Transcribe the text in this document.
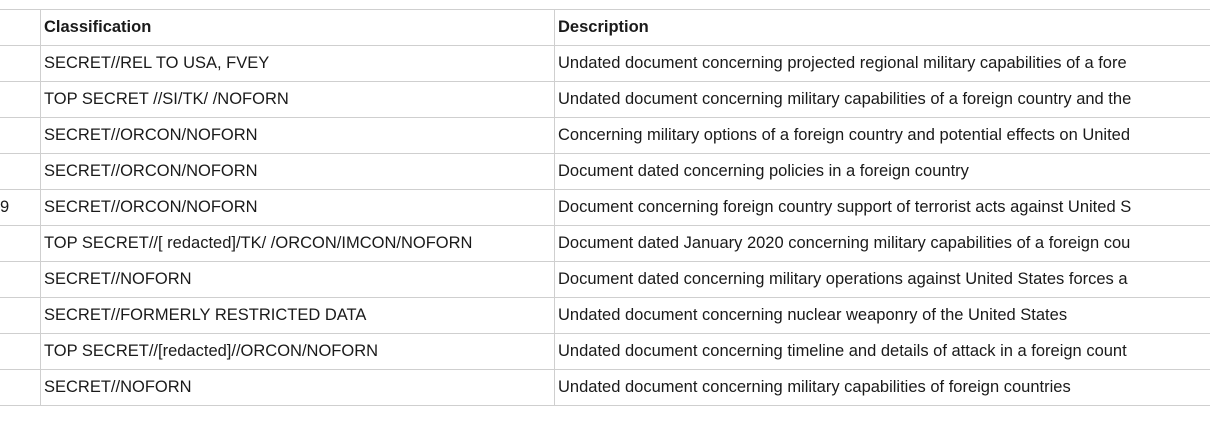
	Classification	Description
	SECRET//REL TO USA, FVEY	Undated document concerning projected regional military capabilities of a fore
	TOP SECRET //SI/TK/ /NOFORN	Undated document concerning military capabilities of a foreign country and the
	SECRET//ORCON/NOFORN	Concerning military options of a foreign country and potential effects on United
	SECRET//ORCON/NOFORN	Document dated concerning policies in a foreign country
9	SECRET//ORCON/NOFORN	Document concerning foreign country support of terrorist acts against United S
	TOP SECRET//[ redacted]/TK/ /ORCON/IMCON/NOFORN	Document dated January 2020 concerning military capabilities of a foreign cou
	SECRET//NOFORN	Document dated concerning military operations against United States forces a
	SECRET//FORMERLY RESTRICTED DATA	Undated document concerning nuclear weaponry of the United States
	TOP SECRET//[redacted]//ORCON/NOFORN	Undated document concerning timeline and details of attack in a foreign count
	SECRET//NOFORN	Undated document concerning military capabilities of foreign countries
